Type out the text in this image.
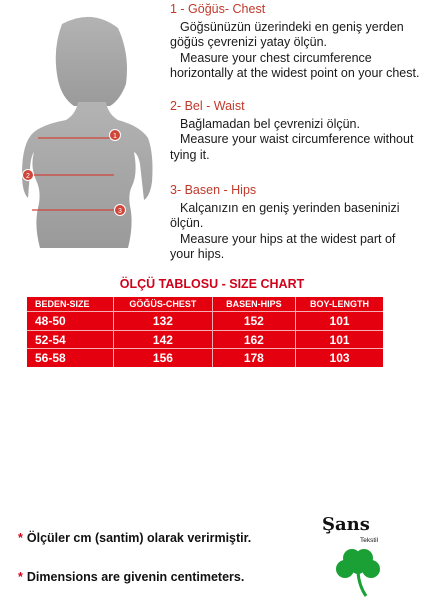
1
2
3
1 - Göğüs- Chest

Göğsünüzün üzerindeki en geniş yerden göğüs çevrenizi yatay ölçün.

Measure your chest circumference horizontally at the widest point on your chest.

2- Bel - Waist

Bağlamadan bel çevrenizi ölçün.

Measure your waist circumference without tying it.

3- Basen - Hips

Kalçanızın en geniş yerinden baseninizi ölçün.

Measure your hips at the widest part of your hips.

ÖLÇÜ TABLOSU - SIZE CHART
BEDEN-SIZE	GÖĞÜS-CHEST	BASEN-HIPS	BOY-LENGTH
48-50	132	152	101
52-54	142	162	101
56-58	156	178	103
* Ölçüler cm (santim) olarak verirmiştir.
* Dimensions are givenin centimeters.
Şans
Tekstil
